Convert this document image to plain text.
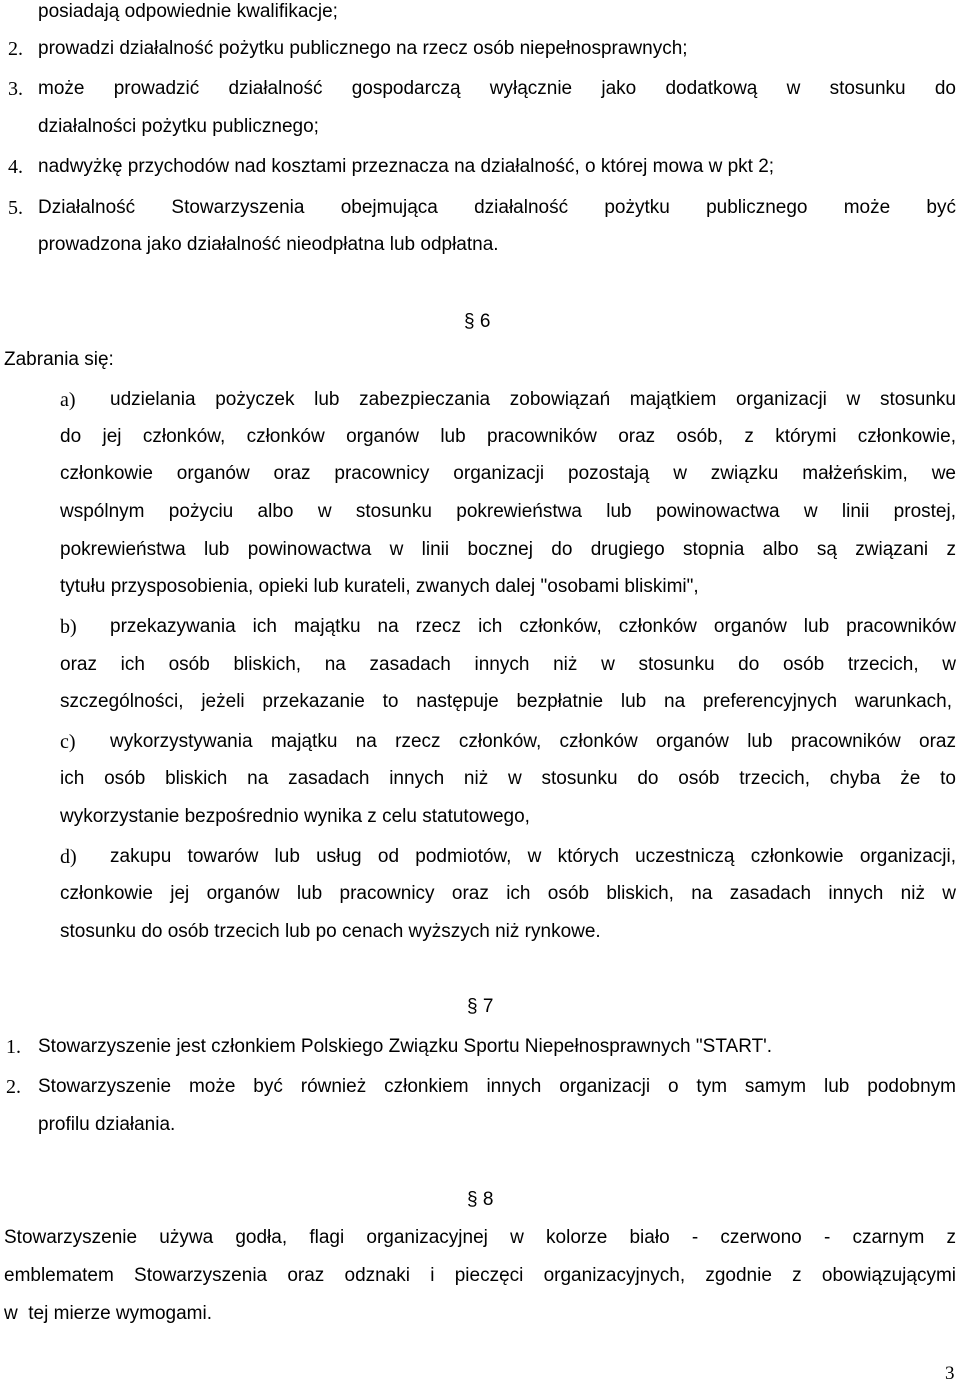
posiadają odpowiednie kwalifikacje;
2. prowadzi działalność pożytku publicznego na rzecz osób niepełnosprawnych;
3. może prowadzić działalność gospodarczą wyłącznie jako dodatkową w stosunku do
działalności pożytku publicznego;
4. nadwyżkę przychodów nad kosztami przeznacza na działalność, o której mowa w pkt 2;
5. Działalność Stowarzyszenia obejmująca działalność pożytku publicznego może być
prowadzona jako działalność nieodpłatna lub odpłatna.
§ 6
Zabrania się:
a) udzielania pożyczek lub zabezpieczania zobowiązań majątkiem organizacji w stosunku
do jej członków, członków organów lub pracowników oraz osób, z którymi członkowie,
członkowie organów oraz pracownicy organizacji pozostają w związku małżeńskim, we
wspólnym pożyciu albo w stosunku pokrewieństwa lub powinowactwa w linii prostej,
pokrewieństwa lub powinowactwa w linii bocznej do drugiego stopnia albo są związani z
tytułu przysposobienia, opieki lub kurateli, zwanych dalej "osobami bliskimi",
b) przekazywania ich majątku na rzecz ich członków, członków organów lub pracowników
oraz ich osób bliskich, na zasadach innych niż w stosunku do osób trzecich, w
szczególności, jeżeli przekazanie to następuje bezpłatnie lub na preferencyjnych warunkach,
c) wykorzystywania majątku na rzecz członków, członków organów lub pracowników oraz
ich osób bliskich na zasadach innych niż w stosunku do osób trzecich, chyba że to
wykorzystanie bezpośrednio wynika z celu statutowego,
d) zakupu towarów lub usług od podmiotów, w których uczestniczą członkowie organizacji,
członkowie jej organów lub pracownicy oraz ich osób bliskich, na zasadach innych niż w
stosunku do osób trzecich lub po cenach wyższych niż rynkowe.
§ 7
1. Stowarzyszenie jest członkiem Polskiego Związku Sportu Niepełnosprawnych "START'.
2. Stowarzyszenie może być również członkiem innych organizacji o tym samym lub podobnym
profilu działania.
§ 8
Stowarzyszenie używa godła, flagi organizacyjnej w kolorze biało - czerwono - czarnym z
emblematem Stowarzyszenia oraz odznaki i pieczęci organizacyjnych, zgodnie z obowiązującymi
w  tej mierze wymogami.
3
